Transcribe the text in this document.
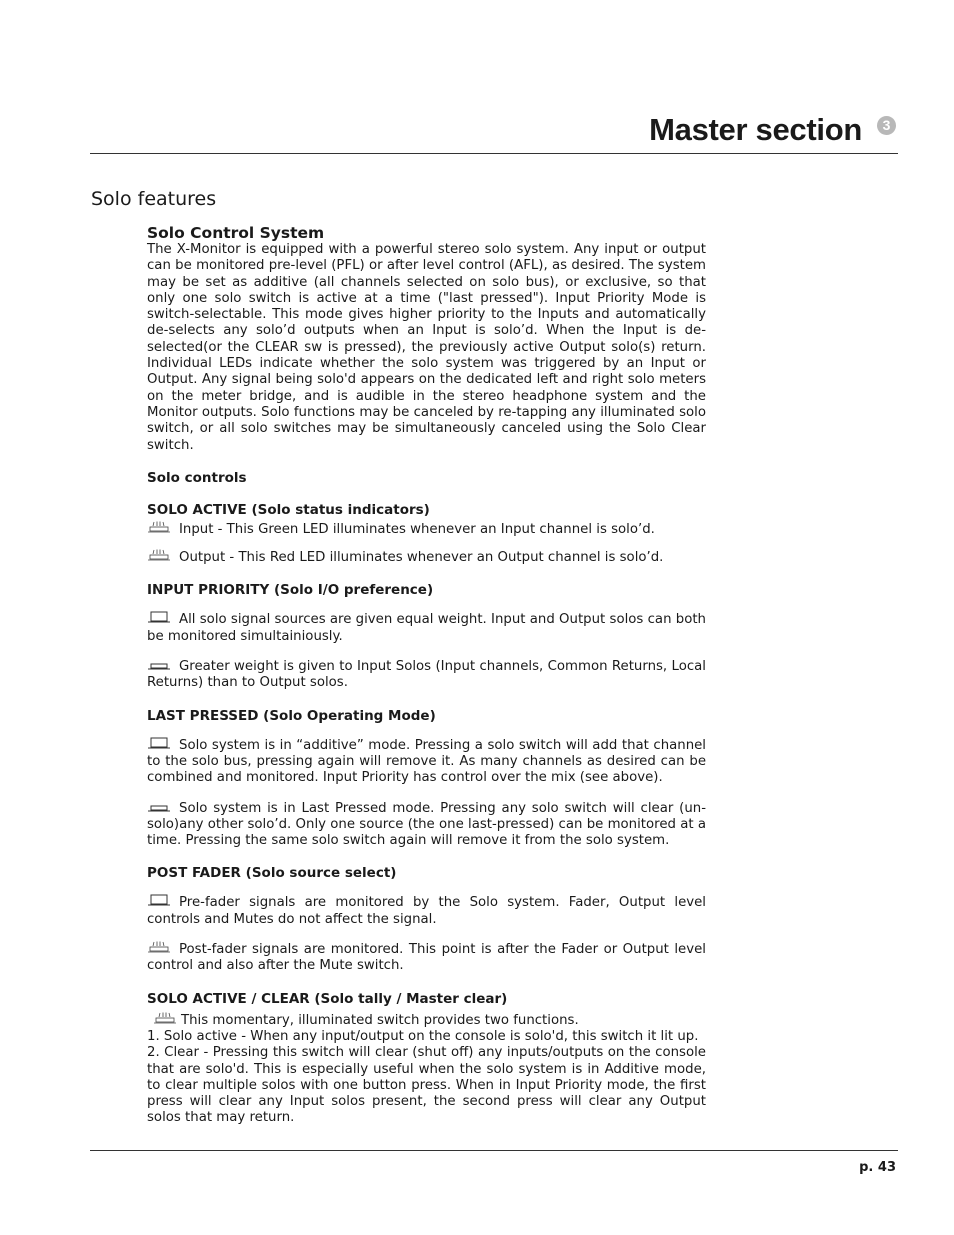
Master section	3
Solo features
Solo Control System

The X-Monitor is equipped with a powerful stereo solo system. Any input or output can be monitored pre-level (PFL) or after level control (AFL), as desired. The system may be set as additive (all channels selected on solo bus), or exclusive, so that only one solo switch is active at a time ("last pressed"). Input Priority Mode is switch-selectable. This mode gives higher priority to the Inputs and automatically de-selects any solo’d outputs when an Input is solo’d. When the Input is de-selected(or the CLEAR sw is pressed), the previously active Output solo(s) return. Individual LEDs indicate whether the solo system was triggered by an Input or Output. Any signal being solo'd appears on the dedicated left and right solo meters on the meter bridge, and is audible in the stereo headphone system and the Monitor outputs. Solo functions may be canceled by re-tapping any illuminated solo switch, or all solo switches may be simultaneously canceled using the Solo Clear switch.

Solo controls
SOLO ACTIVE (Solo status indicators)

Input - This Green LED illuminates whenever an Input channel is solo’d.

Output - This Red LED illuminates whenever an Output channel is solo’d.

INPUT PRIORITY (Solo I/O preference)

All solo signal sources are given equal weight. Input and Output solos can both be monitored simultainiously.

Greater weight is given to Input Solos (Input channels, Common Returns, Local Returns) than to Output solos.

LAST PRESSED (Solo Operating Mode)

Solo system is in “additive” mode. Pressing a solo switch will add that channel to the solo bus, pressing again will remove it. As many channels as desired can be combined and monitored. Input Priority has control over the mix (see above).

Solo system is in Last Pressed mode. Pressing any solo switch will clear (un-solo)any other solo’d. Only one source (the one last-pressed) can be monitored at a time. Pressing the same solo switch again will remove it from the solo system.

POST FADER (Solo source select)

Pre-fader signals are monitored by the Solo system. Fader, Output level controls and Mutes do not affect the signal.

Post-fader signals are monitored. This point is after the Fader or Output level control and also after the Mute switch.

SOLO ACTIVE / CLEAR (Solo tally / Master clear)

This momentary, illuminated switch provides two functions.

1. Solo active - When any input/output on the console is solo'd, this switch it lit up.

2. Clear - Pressing this switch will clear (shut off) any inputs/outputs on the console that are solo'd. This is especially useful when the solo system is in Additive mode, to clear multiple solos with one button press. When in Input Priority mode, the first press will clear any Input solos present, the second press will clear any Output solos that may return.

p. 43
